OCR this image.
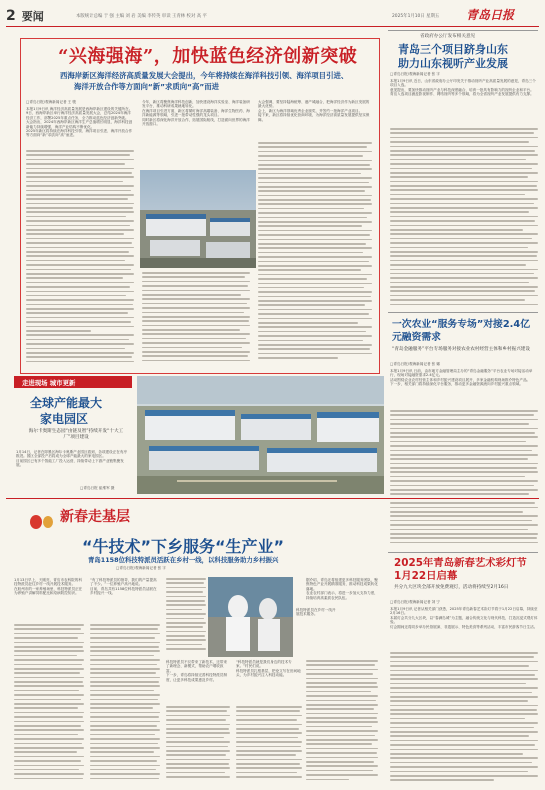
2 要闻	本版统计总编 于 强 主编 刘 岩 美编 李传英 审读 王青林 校对 高 平	2025年1月10日 星期五 青岛日报
“兴海强海”，加快蓝色经济创新突破
西海岸新区海洋经济高质量发展大会提出，今年将持续在海洋科技引领、海洋项目引进、
海洋开放合作等方面向“新”求质向“高”而进
□青岛日报/观海新闻记者 王 骏
本报1月9日讯 海洋经济高质量发展是西海岸新区建设的关键所在。9日，西海岸新区举行海洋经济高质量发展大会，总结2024年海洋经济工作，部署2025年重点任务，全力推动蓝色经济创新突破。
大会指出，2024年西海岸新区海洋生产总值增长明显，海洋科技创新能力持续增强，海洋产业结构不断优化。
2025年新区将持续在海洋科技引领、海洋项目引进、海洋开放合作等方面向“新”求质向“高”而进。
今年，新区将聚焦海洋科技创新，加快建设海洋实验室、海洋装备研发平台，推动科研成果就地转化。
在海洋项目引进方面，新区将紧盯海洋高端装备、海洋生物医药、海洋新能源等领域，引进一批带动性强的龙头项目。
同时新区将深化海洋开放合作，拓展国际航线，打造面向世界的海洋开放窗口。
大会强调，要坚持陆海统筹、港产城融合，把海洋经济作为新区发展的最大优势。
会上，新区为海洋领域优秀企业颁奖，并签约一批海洋产业项目。
接下来，新区将持续优化营商环境，为海洋经济高质量发展提供坚实保障。
省政府办公厅发布相关意见
青岛三个项目跻身山东
助力山东视听产业发展
□青岛日报/观海新闻记者 张 宇
本报1月9日讯 近日，山东省政府办公厅印发关于推动视听产业高质量发展的意见，青岛三个项目入选。
意见提出，要加快推动视听产业与科技深度融合，培育一批具有影响力的视听企业和平台。
青岛入选项目涵盖影视制作、网络视听等多个领域，将为全省视听产业发展提供有力支撑。
一次农业“服务专场”对接2.4亿元融资需求
“青岛金融服务”平台专场服务对接农业农村经营主体和乡村振兴建设
□青岛日报/观海新闻记者 张 娜
本报1月9日讯 日前，由市地方金融管理局主办的“青岛金融服务”平台农业专场对接活动举行，现场对接融资需求2.4亿元。
活动围绕农业农村经营主体和乡村振兴建设项目展开，多家金融机构现场推介特色产品。
下一步，相关部门将持续深化平台服务，推动更多金融资源流向乡村振兴重点领域。
走进现场 城市更新
全球产能最大
家电园区
海尔卡奥斯生态园“由链及智”持续开发“十大工厂”项目建设
1月14日，记者在即墨区海尔卡奥斯产业园区看到，各项建设正在有序推进。园区全部投产后将成为全球产能最大的家电园区。
目前园区已有多个智能工厂投入运营，持续带动上下游产业链集聚发展。
□青岛日报 崔维军 摄
新春走基层
“牛技术”下乡服务“生产业”
青岛1158位科技特派员活跃在乡村一线，以科技服务助力乡村振兴
□青岛日报/观海新闻记者 张 宇
科技特派员在乡村一线开展技术服务。
1月13日早上，天刚亮，青岛市农科院的科技特派员赶往乡村一线开展技术服务。
在胶州市的一家养殖场里，科技特派员正在为养殖户讲解饲料配比和疫病防控知识。
“有了科技特派员的指导，我们的产量提高了不少。”一位养殖户高兴地说。
目前，青岛共有1158位科技特派员活跃在乡村振兴一线。
科技特派员不仅带来了新技术，还带来了新理念、新模式，帮助农户增收致富。
下一步，青岛将持续完善科技特派员制度，让更多科技成果惠及乡村。
“科技特派员就是我们身边的技术专家。”村民们说。
科技特派员扎根基层，把论文写在田间地头，为乡村振兴注入科技动能。
据介绍，青岛还将组建更多科技服务团队，聚焦特色产业开展精准服务，推动科技成果转化落地。
农业农村部门表示，将进一步加大支持力度，持续培育高素质农民队伍。
2025年青岛新春艺术彩灯节1月22日启幕
共分九大区块全部开放免费观灯，活动将持续至2月16日
□青岛日报/观海新闻记者 刘 宁
本报1月9日讯 记者从相关部门获悉，2025年青岛新春艺术彩灯节将于1月22日启幕，持续至2月16日。
本届灯会共分九大区块，以“春满岛城”为主题，融合传统文化与现代科技，打造沉浸式观灯体验。
灯会期间还将同步举办民俗展演、非遗展示、特色美食等系列活动，丰富市民游客节日生活。
